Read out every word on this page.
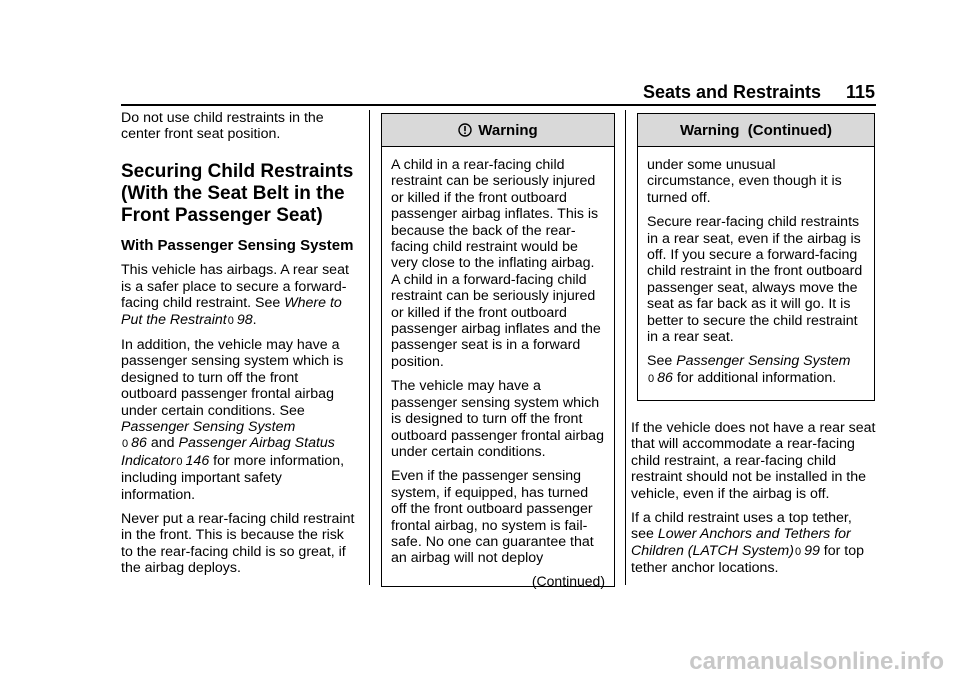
Seats and Restraints 115

Do not use child restraints in the center front seat position.

Securing Child Restraints (With the Seat Belt in the Front Passenger Seat)
With Passenger Sensing System

This vehicle has airbags. A rear seat is a safer place to secure a forward-facing child restraint. See Where to Put the Restraint0 98.

In addition, the vehicle may have a passenger sensing system which is designed to turn off the front outboard passenger frontal airbag under certain conditions. See Passenger Sensing System
0 86 and Passenger Airbag Status Indicator0 146 for more information, including important safety information.

Never put a rear-facing child restraint in the front. This is because the risk to the rear-facing child is so great, if the airbag deploys.

Warning

A child in a rear-facing child restraint can be seriously injured or killed if the front outboard passenger airbag inflates. This is because the back of the rear-facing child restraint would be very close to the inflating airbag. A child in a forward-facing child restraint can be seriously injured or killed if the front outboard passenger airbag inflates and the passenger seat is in a forward position.

The vehicle may have a passenger sensing system which is designed to turn off the front outboard passenger frontal airbag under certain conditions.

Even if the passenger sensing system, if equipped, has turned off the front outboard passenger frontal airbag, no system is fail-safe. No one can guarantee that an airbag will not deploy

(Continued)
Warning  (Continued)

under some unusual circumstance, even though it is turned off.

Secure rear-facing child restraints in a rear seat, even if the airbag is off. If you secure a forward-facing child restraint in the front outboard passenger seat, always move the seat as far back as it will go. It is better to secure the child restraint in a rear seat.

See Passenger Sensing System
0 86 for additional information.

If the vehicle does not have a rear seat that will accommodate a rear-facing child restraint, a rear-facing child restraint should not be installed in the vehicle, even if the airbag is off.

If a child restraint uses a top tether, see Lower Anchors and Tethers for Children (LATCH System)0 99 for top tether anchor locations.

carmanualsonline.info
